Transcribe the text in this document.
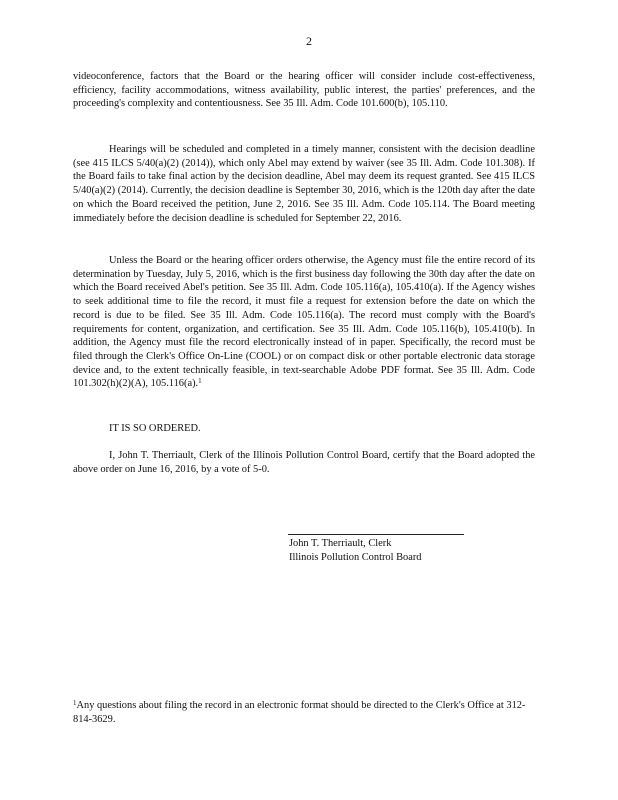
2

videoconference, factors that the Board or the hearing officer will consider include cost-effectiveness, efficiency, facility accommodations, witness availability, public interest, the parties' preferences, and the proceeding's complexity and contentiousness. See 35 Ill. Adm. Code 101.600(b), 105.110.

Hearings will be scheduled and completed in a timely manner, consistent with the decision deadline (see 415 ILCS 5/40(a)(2) (2014)), which only Abel may extend by waiver (see 35 Ill. Adm. Code 101.308). If the Board fails to take final action by the decision deadline, Abel may deem its request granted. See 415 ILCS 5/40(a)(2) (2014). Currently, the decision deadline is September 30, 2016, which is the 120th day after the date on which the Board received the petition, June 2, 2016. See 35 Ill. Adm. Code 105.114. The Board meeting immediately before the decision deadline is scheduled for September 22, 2016.

Unless the Board or the hearing officer orders otherwise, the Agency must file the entire record of its determination by Tuesday, July 5, 2016, which is the first business day following the 30th day after the date on which the Board received Abel's petition. See 35 Ill. Adm. Code 105.116(a), 105.410(a). If the Agency wishes to seek additional time to file the record, it must file a request for extension before the date on which the record is due to be filed. See 35 Ill. Adm. Code 105.116(a). The record must comply with the Board's requirements for content, organization, and certification. See 35 Ill. Adm. Code 105.116(b), 105.410(b). In addition, the Agency must file the record electronically instead of in paper. Specifically, the record must be filed through the Clerk's Office On-Line (COOL) or on compact disk or other portable electronic data storage device and, to the extent technically feasible, in text-searchable Adobe PDF format. See 35 Ill. Adm. Code 101.302(h)(2)(A), 105.116(a).$^1$

IT IS SO ORDERED.

I, John T. Therriault, Clerk of the Illinois Pollution Control Board, certify that the Board adopted the above order on June 16, 2016, by a vote of 5-0.

John T. Therriault, Clerk
Illinois Pollution Control Board
$^1$Any questions about filing the record in an electronic format should be directed to the Clerk's Office at 312-814-3629.
